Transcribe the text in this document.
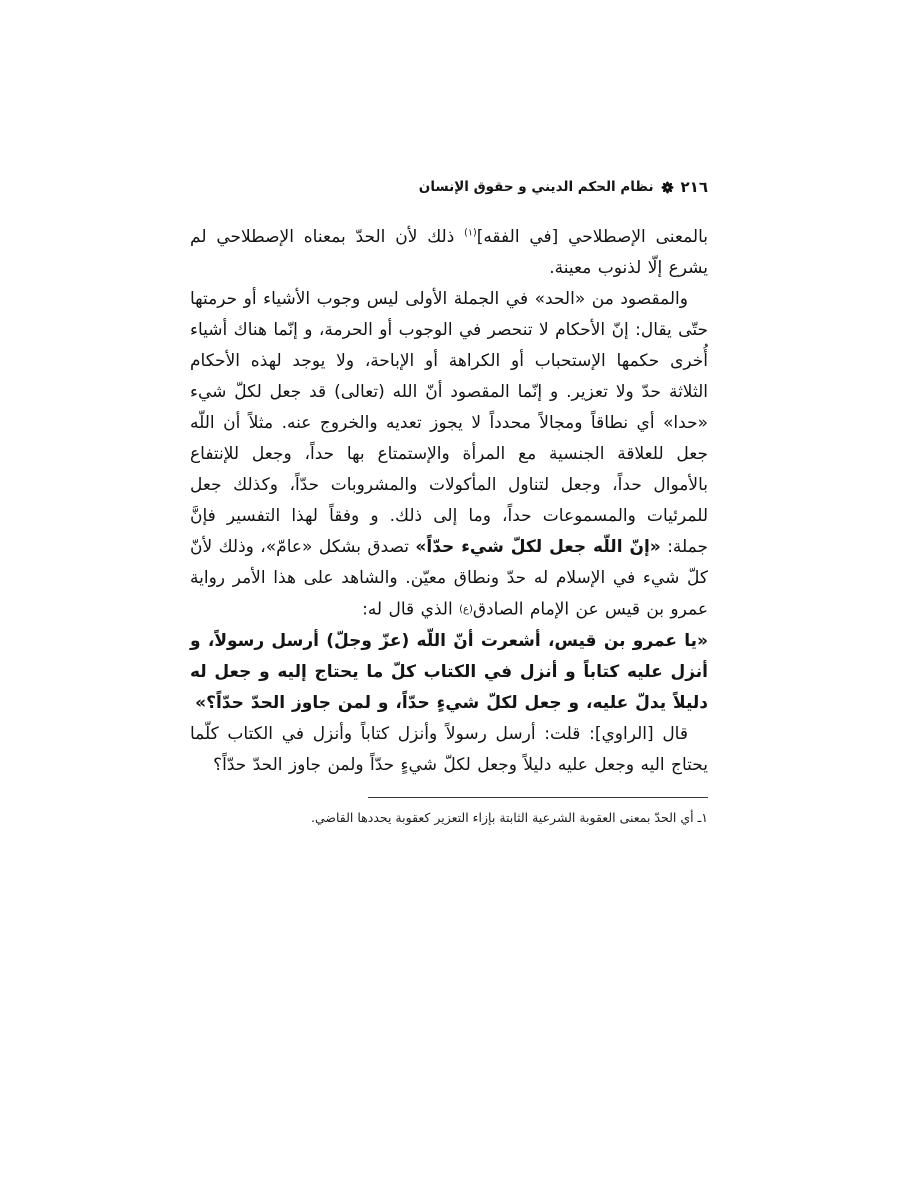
٢١٦
نظام الحكم الديني و حقوق الإنسان

بالمعنى الإصطلاحي [في الفقه]$^{(١)}$ ذلك لأن الحدّ بمعناه الإصطلاحي لم يشرع إلّا لذنوب معينة.

والمقصود من «الحد» في الجملة الأولى ليس وجوب الأشياء أو حرمتها حتّى يقال: إنّ الأحكام لا تنحصر في الوجوب أو الحرمة، و إنّما هناك أشياء أُخرى حكمها الإستحباب أو الكراهة أو الإباحة، ولا يوجد لهذه الأحكام الثلاثة حدّ ولا تعزير. و إنّما المقصود أنّ الله (تعالى) قد جعل لكلّ شيء «حدا» أي نطاقاً ومجالاً محدداً لا يجوز تعديه والخروج عنه. مثلاً أن اللّه جعل للعلاقة الجنسية مع المرأة والإستمتاع بها حداً، وجعل للإنتفاع بالأموال حداً، وجعل لتناول المأكولات والمشروبات حدّاً، وكذلك جعل للمرئيات والمسموعات حداً، وما إلى ذلك. و وفقاً لهذا التفسير فإنَّ جملة: «إنّ اللّه جعل لكلّ شيء حدّاً» تصدق بشكل «عامّ»، وذلك لأنّ كلّ شيء في الإسلام له حدّ ونطاق معيّن. والشاهد على هذا الأمر رواية عمرو بن قيس عن الإمام الصادق(ع) الذي قال له:

«يا عمرو بن قيس، أشعرت أنّ اللّه (عزّ وجلّ) أرسل رسولاً، و أنزل عليه كتاباً و أنزل في الكتاب كلّ ما يحتاج إليه و جعل له دليلاً يدلّ عليه، و جعل لكلّ شيءٍ حدّاً، و لمن جاوز الحدّ حدّاً؟»

قال [الراوي]: قلت: أرسل رسولاً وأنزل كتاباً وأنزل في الكتاب كلّما يحتاج اليه وجعل عليه دليلاً وجعل لكلّ شيءٍ حدّاً ولمن جاوز الحدّ حدّاً؟

١ـ أي الحدّ بمعنى العقوبة الشرعية الثابتة بإزاء التعزير كعقوبة يحددها القاضي.
